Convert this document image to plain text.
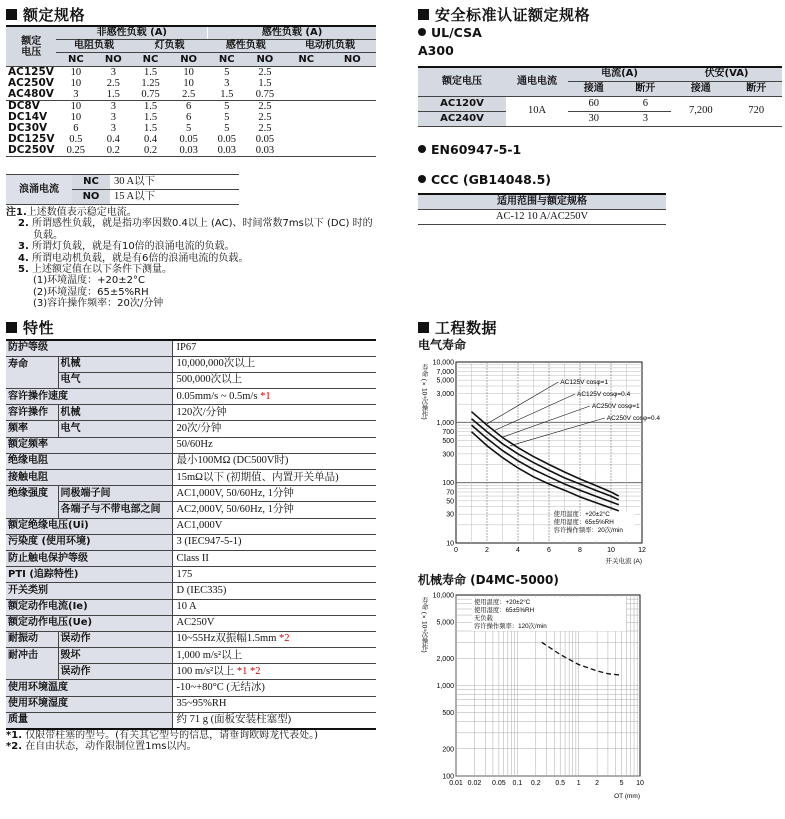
额定规格
额定
电压	非感性负载 (A)				感性负载 (A)			
	电阻负载		灯负载		感性负载		电动机负载	
	NC	NO	NC	NO	NC	NO	NC	NO
AC125V	10	3	1.5	10	5	2.5		
AC250V	10	2.5	1.25	10	3	1.5		
AC480V	3	1.5	0.75	2.5	1.5	0.75		
DC8V	10	3	1.5	6	5	2.5		
DC14V	10	3	1.5	6	5	2.5		
DC30V	6	3	1.5	5	5	2.5		
DC125V	0.5	0.4	0.4	0.05	0.05	0.05		
DC250V	0.25	0.2	0.2	0.03	0.03	0.03		
浪涌电流	NC	30 A以下
	NO	15 A以下
注1.上述数值表示稳定电流。
2. 所谓感性负载，就是指功率因数0.4以上 (AC)、时间常数7ms以下 (DC) 时的
负载。
3. 所谓灯负载，就是有10倍的浪涌电流的负载。
4. 所谓电动机负载，就是有6倍的浪涌电流的负载。
5. 上述额定值在以下条件下测量。
(1)环境温度：+20±2°C
(2)环境湿度：65±5%RH
(3)容许操作频率：20次/分钟
特性
防护等级		IP67
寿命	机械	10,000,000次以上
	电气	500,000次以上
容许操作速度		0.05mm/s ~ 0.5m/s *1
容许操作	机械	120次/分钟
频率	电气	20次/分钟
额定频率		50/60Hz
绝缘电阻		最小100MΩ (DC500V时)
接触电阻		15mΩ以下 (初期值、内置开关单品)
绝缘强度	同极端子间	AC1,000V, 50/60Hz, 1分钟
	各端子与不带电部之间	AC2,000V, 50/60Hz, 1分钟
额定绝缘电压(Ui)		AC1,000V
污染度 (使用环境)		3 (IEC947-5-1)
防止触电保护等级		Class II
PTI (追踪特性)		175
开关类别		D (IEC335)
额定动作电流(Ie)		10 A
额定动作电压(Ue)		AC250V
耐振动	误动作	10~55Hz双振幅1.5mm *2
耐冲击	毁坏	1,000 m/s²以上
	误动作	100 m/s²以上 *1 *2
使用环境温度		-10~+80°C (无结冰)
使用环境湿度		35~95%RH
质量		约 71 g (面板安装柱塞型)
*1. 仅限带柱塞的型号。(有关其它型号的信息，请垂询欧姆龙代表处。)
*2. 在自由状态，动作限制位置1ms以内。
安全标准认证额定规格
UL/CSA
A300
额定电压	通电电流	电流(A)		伏安(VA)	
		接通	断开	接通	断开
AC120V	10A	60	6	7,200	720
AC240V		30	3		
EN60947-5-1
CCC (GB14048.5)
适用范围与额定规格
AC-12 10 A/AC250V
工程数据
电气寿命
10,000
7,000
5,000
3,000
1,000
700
500
300
100
70
50
30
10
0	2	4	6	8	10	12
开关电流 (A)
寿命 (×10⁴次操作)	AC125V cosφ=1
AC125V cosφ=0.4
AC250V cosφ=1
AC250V cosφ=0.4
使用温度：+20±2°C
使用湿度：65±5%RH
容许操作频率：20次/min
机械寿命 (D4MC-5000)
10,000
5,000
2,000
1,000
500
200
100
0.01 0.02 0.05 0.1 0.2 0.5 1 2	5 10
OT (mm)
寿命 (×10⁴次操作)	使用温度：+20±2°C
使用湿度：65±5%RH
无负载
容许操作频率：120次/min
